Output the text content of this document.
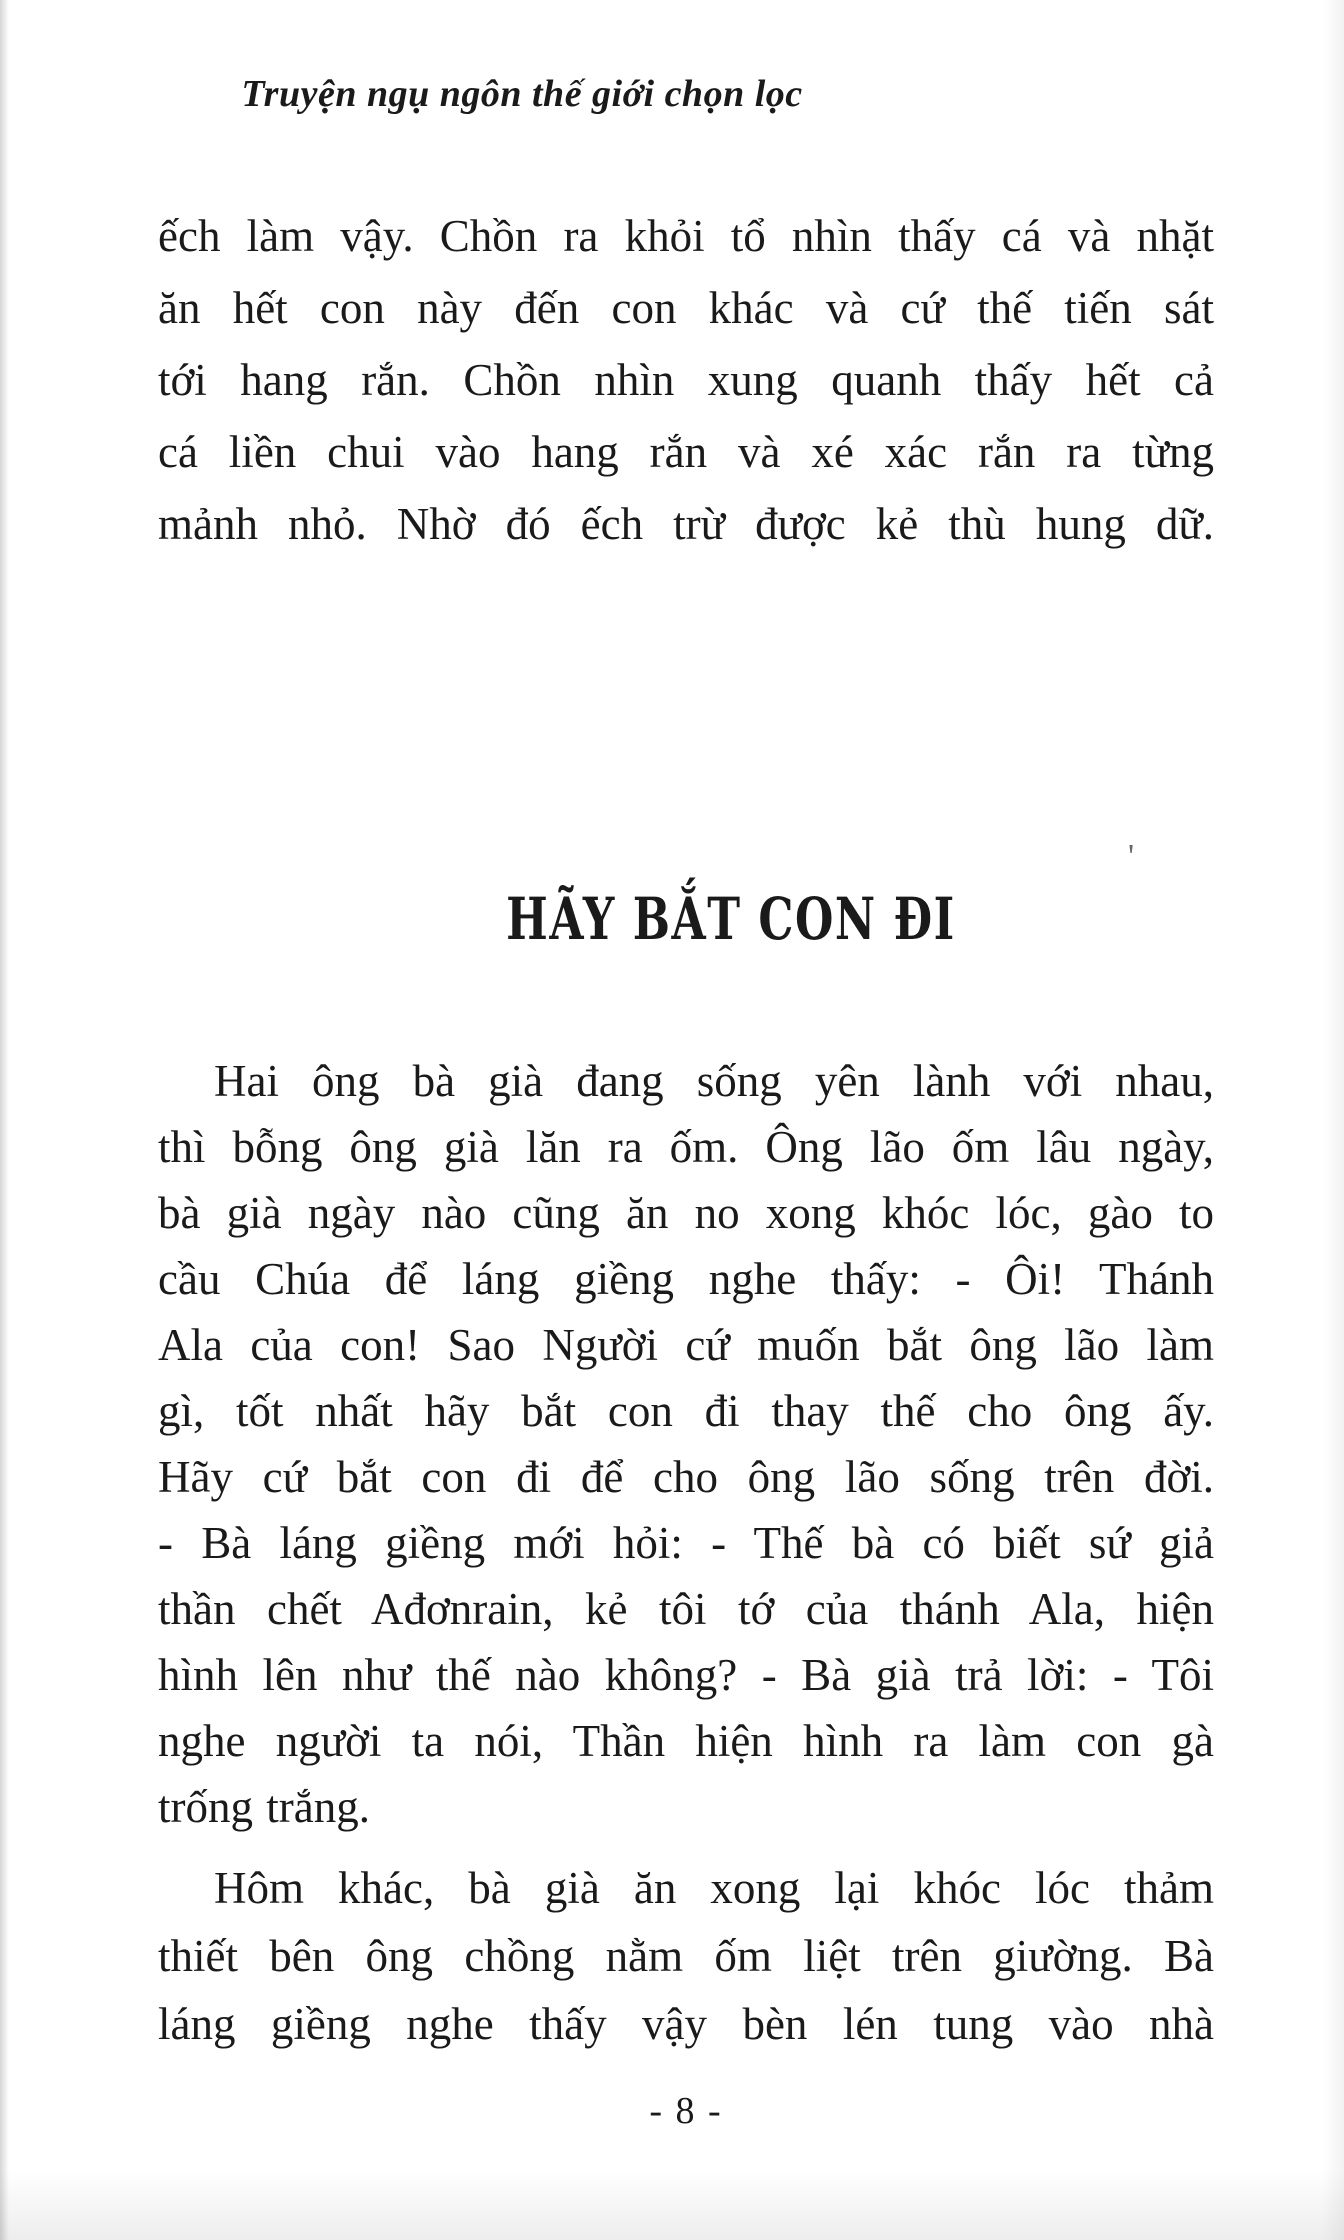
Truyện ngụ ngôn thế giới chọn lọc

ếch làm vậy. Chồn ra khỏi tổ nhìn thấy cá và nhặt
ăn hết con này đến con khác và cứ thế tiến sát
tới hang rắn. Chồn nhìn xung quanh thấy hết cả
cá liền chui vào hang rắn và xé xác rắn ra từng
mảnh nhỏ. Nhờ đó ếch trừ được kẻ thù hung dữ.

HÃY BẮT CON ĐI

Hai ông bà già đang sống yên lành với nhau,
thì bỗng ông già lăn ra ốm. Ông lão ốm lâu ngày,
bà già ngày nào cũng ăn no xong khóc lóc, gào to
cầu Chúa để láng giềng nghe thấy: - Ôi! Thánh
Ala của con! Sao Người cứ muốn bắt ông lão làm
gì, tốt nhất hãy bắt con đi thay thế cho ông ấy.
Hãy cứ bắt con đi để cho ông lão sống trên đời.
- Bà láng giềng mới hỏi: - Thế bà có biết sứ giả
thần chết Ađơnrain, kẻ tôi tớ của thánh Ala, hiện
hình lên như thế nào không? - Bà già trả lời: - Tôi
nghe người ta nói, Thần hiện hình ra làm con gà
trống trắng.

Hôm khác, bà già ăn xong lại khóc lóc thảm
thiết bên ông chồng nằm ốm liệt trên giường. Bà
láng giềng nghe thấy vậy bèn lén tung vào nhà

- 8 -
'
